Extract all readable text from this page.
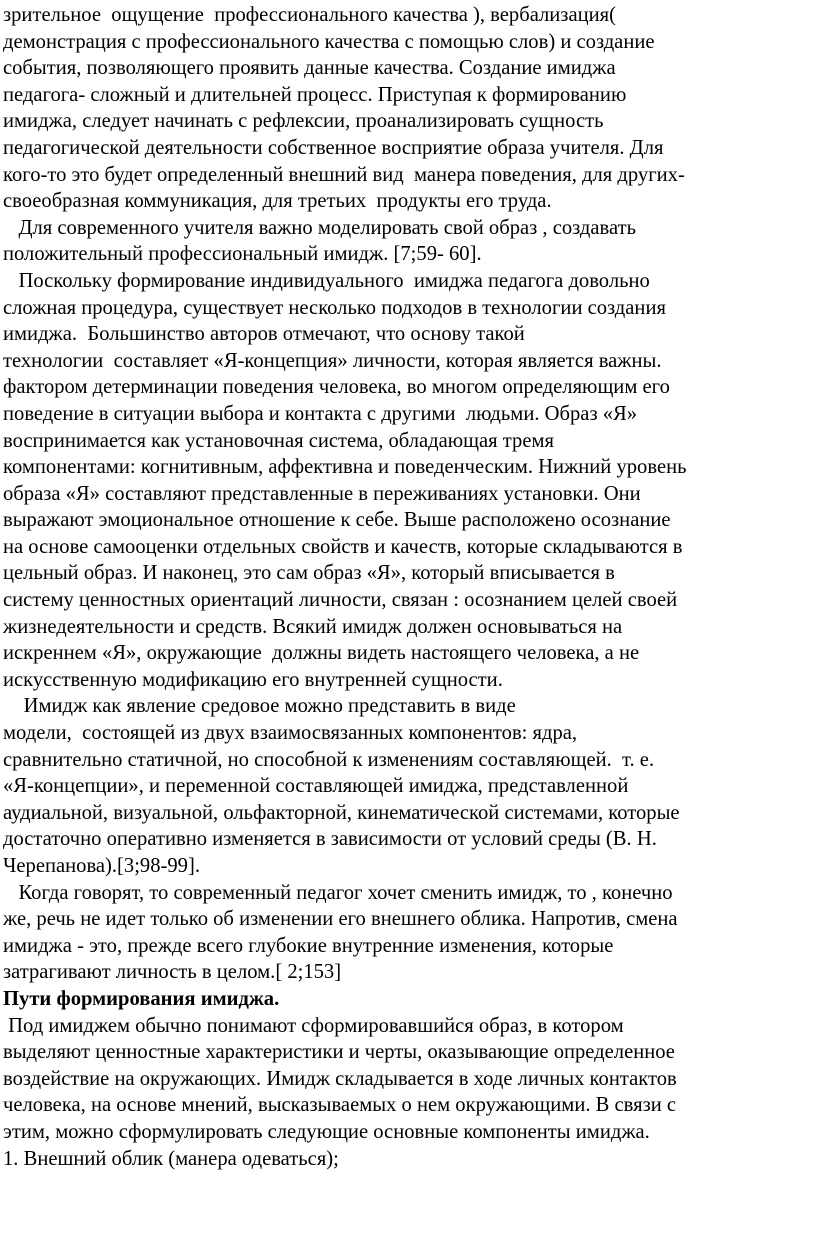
зрительное  ощущение  профессионального качества ), вербализация(
демонстрация с профессионального качества с помощью слов) и создание
события, позволяющего проявить данные качества. Создание имиджа
педагога- сложный и длительней процесс. Приступая к формированию
имиджа, следует начинать с рефлексии, проанализировать сущность
педагогической деятельности собственное восприятие образа учителя. Для
кого-то это будет определенный внешний вид  манера поведения, для других-
своеобразная коммуникация, для третьих  продукты его труда.
Для современного учителя важно моделировать свой образ , создавать
положительный профессиональный имидж. [7;59- 60].
Поскольку формирование индивидуального  имиджа педагога довольно
сложная процедура, существует несколько подходов в технологии создания
имиджа.  Большинство авторов отмечают, что основу такой
технологии  составляет «Я-концепция» личности, которая является важны.
фактором детерминации поведения человека, во многом определяющим его
поведение в ситуации выбора и контакта с другими  людьми. Образ «Я»
воспринимается как установочная система, обладающая тремя
компонентами: когнитивным, аффективна и поведенческим. Нижний уровень
образа «Я» составляют представленные в переживаниях установки. Они
выражают эмоциональное отношение к себе. Выше расположено осознание
на основе самооценки отдельных свойств и качеств, которые складываются в
цельный образ. И наконец, это сам образ «Я», который вписывается в
систему ценностных ориентаций личности, связан : осознанием целей своей
жизнедеятельности и средств. Всякий имидж должен основываться на
искреннем «Я», окружающие  должны видеть настоящего человека, а не
искусственную модификацию его внутренней сущности.
Имидж как явление средовое можно представить в виде
модели,  состоящей из двух взаимосвязанных компонентов: ядра,
сравнительно статичной, но способной к изменениям составляющей.  т. е.
«Я-концепции», и переменной составляющей имиджа, представленной
аудиальной, визуальной, ольфакторной, кинематической системами, которые
достаточно оперативно изменяется в зависимости от условий среды (В. Н.
Черепанова).[3;98-99].
Когда говорят, то современный педагог хочет сменить имидж, то , конечно
же, речь не идет только об изменении его внешнего облика. Напротив, смена
имиджа - это, прежде всего глубокие внутренние изменения, которые
затрагивают личность в целом.[ 2;153]
Пути формирования имиджа.
Под имиджем обычно понимают сформировавшийся образ, в котором
выделяют ценностные характеристики и черты, оказывающие определенное
воздействие на окружающих. Имидж складывается в ходе личных контактов
человека, на основе мнений, высказываемых о нем окружающими. В связи с
этим, можно сформулировать следующие основные компоненты имиджа.
1. Внешний облик (манера одеваться);
